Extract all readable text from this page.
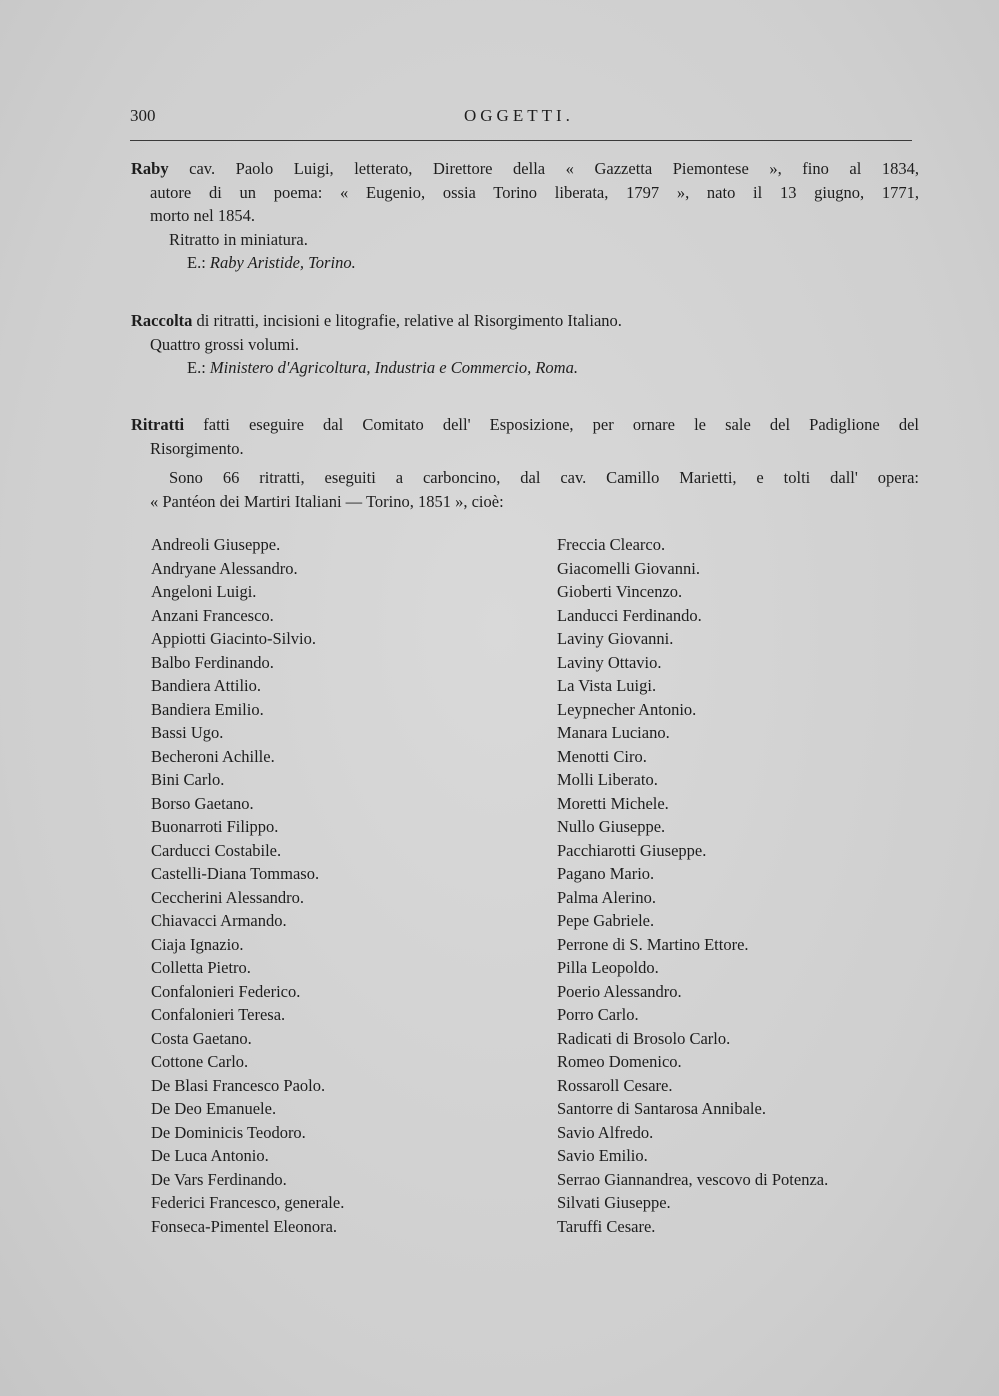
300	OGGETTI.

Raby cav. Paolo Luigi, letterato, Direttore della « Gazzetta Piemontese », fino al 1834,

autore di un poema: « Eugenio, ossia Torino liberata, 1797 », nato il 13 giugno, 1771,

morto nel 1854.

Ritratto in miniatura.

E.: Raby Aristide, Torino.

Raccolta di ritratti, incisioni e litografie, relative al Risorgimento Italiano.

Quattro grossi volumi.

E.: Ministero d'Agricoltura, Industria e Commercio, Roma.

Ritratti fatti eseguire dal Comitato dell' Esposizione, per ornare le sale del Padiglione del

Risorgimento.

Sono 66 ritratti, eseguiti a carboncino, dal cav. Camillo Marietti, e tolti dall' opera:

« Pantéon dei Martiri Italiani — Torino, 1851 », cioè:

Andreoli Giuseppe.
Andryane Alessandro.
Angeloni Luigi.
Anzani Francesco.
Appiotti Giacinto-Silvio.
Balbo Ferdinando.
Bandiera Attilio.
Bandiera Emilio.
Bassi Ugo.
Becheroni Achille.
Bini Carlo.
Borso Gaetano.
Buonarroti Filippo.
Carducci Costabile.
Castelli-Diana Tommaso.
Ceccherini Alessandro.
Chiavacci Armando.
Ciaja Ignazio.
Colletta Pietro.
Confalonieri Federico.
Confalonieri Teresa.
Costa Gaetano.
Cottone Carlo.
De Blasi Francesco Paolo.
De Deo Emanuele.
De Dominicis Teodoro.
De Luca Antonio.
De Vars Ferdinando.
Federici Francesco, generale.
Fonseca-Pimentel Eleonora.
Freccia Clearco.
Giacomelli Giovanni.
Gioberti Vincenzo.
Landucci Ferdinando.
Laviny Giovanni.
Laviny Ottavio.
La Vista Luigi.
Leypnecher Antonio.
Manara Luciano.
Menotti Ciro.
Molli Liberato.
Moretti Michele.
Nullo Giuseppe.
Pacchiarotti Giuseppe.
Pagano Mario.
Palma Alerino.
Pepe Gabriele.
Perrone di S. Martino Ettore.
Pilla Leopoldo.
Poerio Alessandro.
Porro Carlo.
Radicati di Brosolo Carlo.
Romeo Domenico.
Rossaroll Cesare.
Santorre di Santarosa Annibale.
Savio Alfredo.
Savio Emilio.
Serrao Giannandrea, vescovo di Potenza.
Silvati Giuseppe.
Taruffi Cesare.
